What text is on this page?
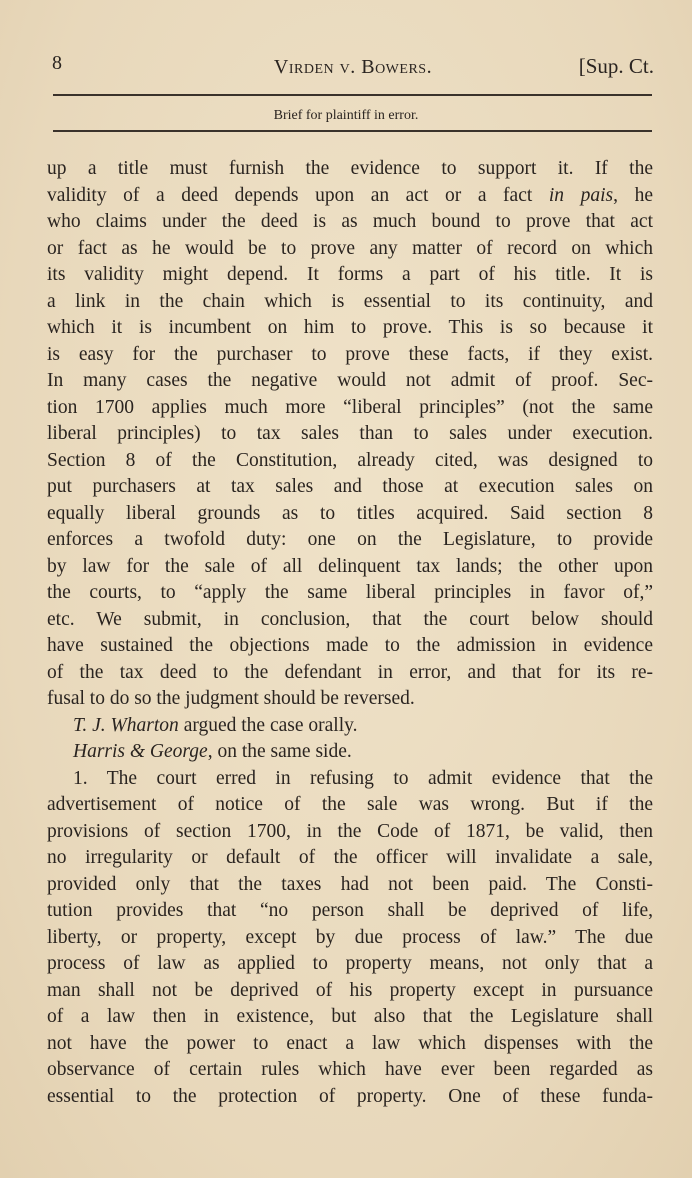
8	Virden v. Bowers.	[Sup. Ct.
Brief for plaintiff in error.
up a title must furnish the evidence to support it. If the
validity of a deed depends upon an act or a fact in pais, he
who claims under the deed is as much bound to prove that act
or fact as he would be to prove any matter of record on which
its validity might depend. It forms a part of his title. It is
a link in the chain which is essential to its continuity, and
which it is incumbent on him to prove. This is so because it
is easy for the purchaser to prove these facts, if they exist.
In many cases the negative would not admit of proof. Sec-
tion 1700 applies much more “liberal principles” (not the same
liberal principles) to tax sales than to sales under execution.
Section 8 of the Constitution, already cited, was designed to
put purchasers at tax sales and those at execution sales on
equally liberal grounds as to titles acquired. Said section 8
enforces a twofold duty: one on the Legislature, to provide
by law for the sale of all delinquent tax lands; the other upon
the courts, to “apply the same liberal principles in favor of,”
etc. We submit, in conclusion, that the court below should
have sustained the objections made to the admission in evidence
of the tax deed to the defendant in error, and that for its re-
fusal to do so the judgment should be reversed.
T. J. Wharton argued the case orally.
Harris & George, on the same side.
1. The court erred in refusing to admit evidence that the
advertisement of notice of the sale was wrong. But if the
provisions of section 1700, in the Code of 1871, be valid, then
no irregularity or default of the officer will invalidate a sale,
provided only that the taxes had not been paid. The Consti-
tution provides that “no person shall be deprived of life,
liberty, or property, except by due process of law.” The due
process of law as applied to property means, not only that a
man shall not be deprived of his property except in pursuance
of a law then in existence, but also that the Legislature shall
not have the power to enact a law which dispenses with the
observance of certain rules which have ever been regarded as
essential to the protection of property. One of these funda-
